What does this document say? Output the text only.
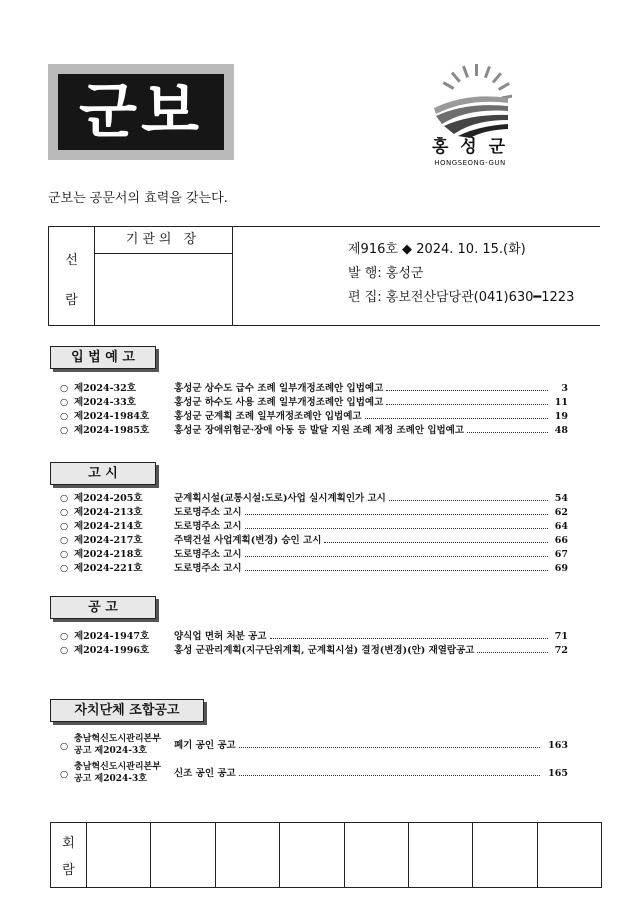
군보	홍 성 군
HONGSEONG-GUN
군보는 공문서의 효력을 갖는다.
선
람
기관의 장
제916호 ◆ 2024. 10. 15.(화)
발 행: 홍성군
편 집: 홍보전산담당관(041)630━1223
입 법 예 고
○ 제2024-32호	홍성군 상수도 급수 조례 일부개정조례안 입법예고	3
○ 제2024-33호	홍성군 하수도 사용 조례 일부개정조례안 입법예고	11
○ 제2024-1984호	홍성군 군계획 조례 일부개정조례안 입법예고	19
○ 제2024-1985호	홍성군 장애위험군·장애 아동 등 발달 지원 조례 제정 조례안 입법예고	48
고 시
○ 제2024-205호	군계획시설(교통시설:도로)사업 실시계획인가 고시	54
○ 제2024-213호	도로명주소 고시	62
○ 제2024-214호	도로명주소 고시	64
○ 제2024-217호	주택건설 사업계획(변경) 승인 고시	66
○ 제2024-218호	도로명주소 고시	67
○ 제2024-221호	도로명주소 고시	69
공 고
○ 제2024-1947호	양식업 면허 처분 공고	71
○ 제2024-1996호	홍성 군관리계획(지구단위계획, 군계획시설) 결정(변경)(안) 재열람공고	72
자치단체 조합공고
○
충남혁신도시관리본부
공고 제2024-3호	폐기 공인 공고	163
○
충남혁신도시관리본부
공고 제2024-3호	신조 공인 공고	165
회
람
